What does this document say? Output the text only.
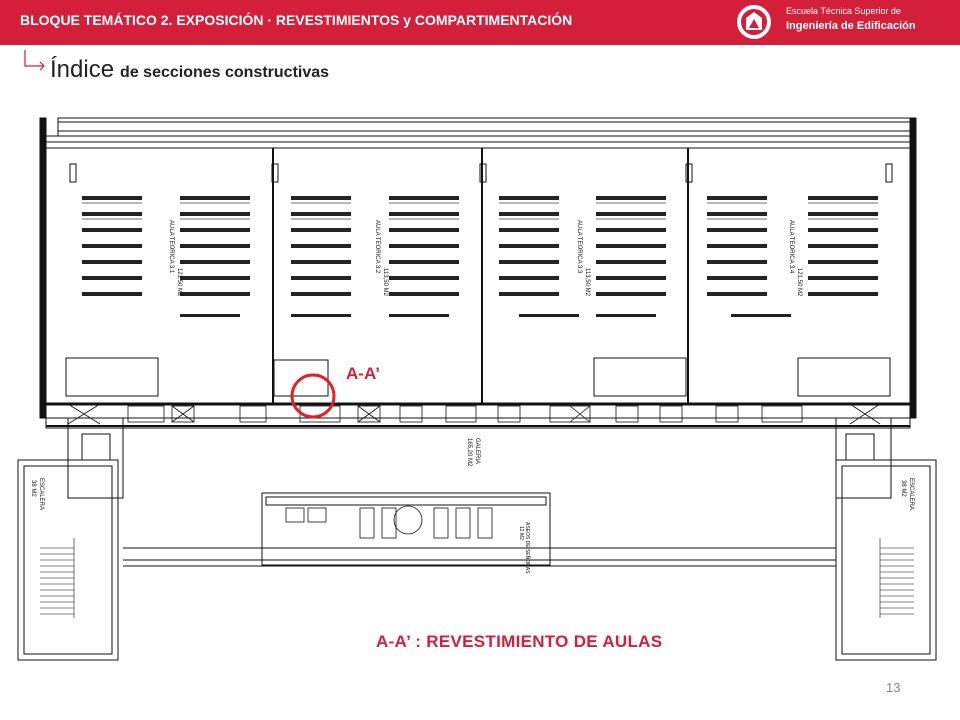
BLOQUE TEMÁTICO 2. EXPOSICIÓN · REVESTIMIENTOS y COMPARTIMENTACIÓN
Escuela Técnica Superior de
Ingeniería de Edificación
Índice de secciones constructivas
AULA TEORICA 3.1
121,50 M2
AULA TEORICA 3.2
113,50 M2
AULA TEORICA 3.3
113,50 M2
AULA TEORICA 3.4
121,50 M2
GALERIA
165,20 M2
ESCALERA
38 M2	ESCALERA
38 M2
ASEOS DE SEÑORAS
12 M2
A-A’
A-A’ : REVESTIMIENTO DE AULAS
13
